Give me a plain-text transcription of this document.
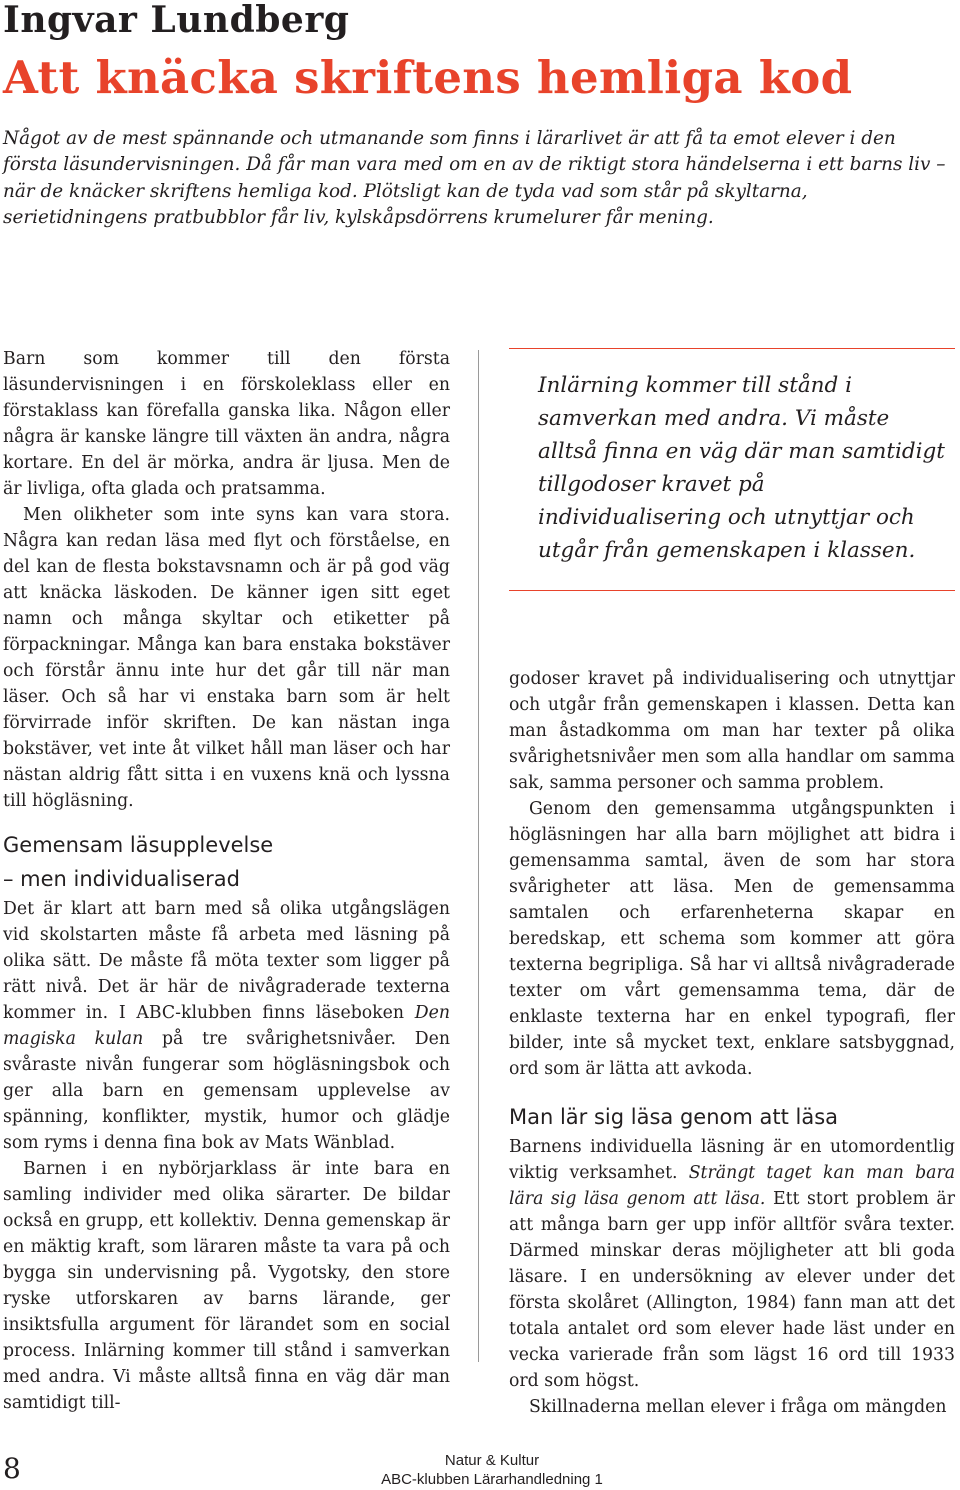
Ingvar Lundberg
Att knäcka skriftens hemliga kod

Något av de mest spännande och utmanande som finns i lärarlivet är att få ta emot elever i den första läsundervisningen. Då får man vara med om en av de riktigt stora händelserna i ett barns liv – när de knäcker skriftens hemliga kod. Plötsligt kan de tyda vad som står på skyltarna, serietidningens pratbubblor får liv, kylskåpsdörrens krumelurer får mening.

Barn som kommer till den första läsundervisningen i en förskoleklass eller en förstaklass kan förefalla ganska lika. Någon eller några är kanske längre till växten än andra, några kortare. En del är mörka, andra är ljusa. Men de är livliga, ofta glada och pratsamma.

Men olikheter som inte syns kan vara stora. Några kan redan läsa med flyt och förståelse, en del kan de flesta bokstavsnamn och är på god väg att knäcka läskoden. De känner igen sitt eget namn och många skyltar och etiketter på förpackningar. Många kan bara enstaka bokstäver och förstår ännu inte hur det går till när man läser. Och så har vi enstaka barn som är helt förvirrade inför skriften. De kan nästan inga bokstäver, vet inte åt vilket håll man läser och har nästan aldrig fått sitta i en vuxens knä och lyssna till högläsning.

Gemensam läsupplevelse
– men individualiserad

Det är klart att barn med så olika utgångslägen vid skolstarten måste få arbeta med läsning på olika sätt. De måste få möta texter som ligger på rätt nivå. Det är här de nivågraderade texterna kommer in. I ABC-klubben finns läseboken Den magiska kulan på tre svårighetsnivåer. Den svåraste nivån fungerar som högläsningsbok och ger alla barn en gemensam upplevelse av spänning, konflikter, mystik, humor och glädje som ryms i denna fina bok av Mats Wänblad.

Barnen i en nybörjarklass är inte bara en samling individer med olika särarter. De bildar också en grupp, ett kollektiv. Denna gemenskap är en mäktig kraft, som läraren måste ta vara på och bygga sin undervisning på. Vygotsky, den store ryske utforskaren av barns lärande, ger insiktsfulla argument för lärandet som en social process. Inlärning kommer till stånd i samverkan med andra. Vi måste alltså finna en väg där man samtidigt till-

Inlärning kommer till stånd i samverkan med andra. Vi måste alltså finna en väg där man samtidigt tillgodoser kravet på individualisering och utnyttjar och utgår från gemenskapen i klassen.

godoser kravet på individualisering och utnyttjar och utgår från gemenskapen i klassen. Detta kan man åstadkomma om man har texter på olika svårighetsnivåer men som alla handlar om samma sak, samma personer och samma problem.

Genom den gemensamma utgångspunkten i högläsningen har alla barn möjlighet att bidra i gemensamma samtal, även de som har stora svårigheter att läsa. Men de gemensamma samtalen och erfarenheterna skapar en beredskap, ett schema som kommer att göra texterna begripliga. Så har vi alltså nivågraderade texter om vårt gemensamma tema, där de enklaste texterna har en enkel typografi, fler bilder, inte så mycket text, enklare satsbyggnad, ord som är lätta att avkoda.

Man lär sig läsa genom att läsa

Barnens individuella läsning är en utomordentlig viktig verksamhet. Strängt taget kan man bara lära sig läsa genom att läsa. Ett stort problem är att många barn ger upp inför alltför svåra texter. Därmed minskar deras möjligheter att bli goda läsare. I en undersökning av elever under det första skolåret (Allington, 1984) fann man att det totala antalet ord som elever hade läst under en vecka varierade från som lägst 16 ord till 1933 ord som högst.

Skillnaderna mellan elever i fråga om mängden

8	Natur & Kultur
ABC-klubben Lärarhandledning 1
